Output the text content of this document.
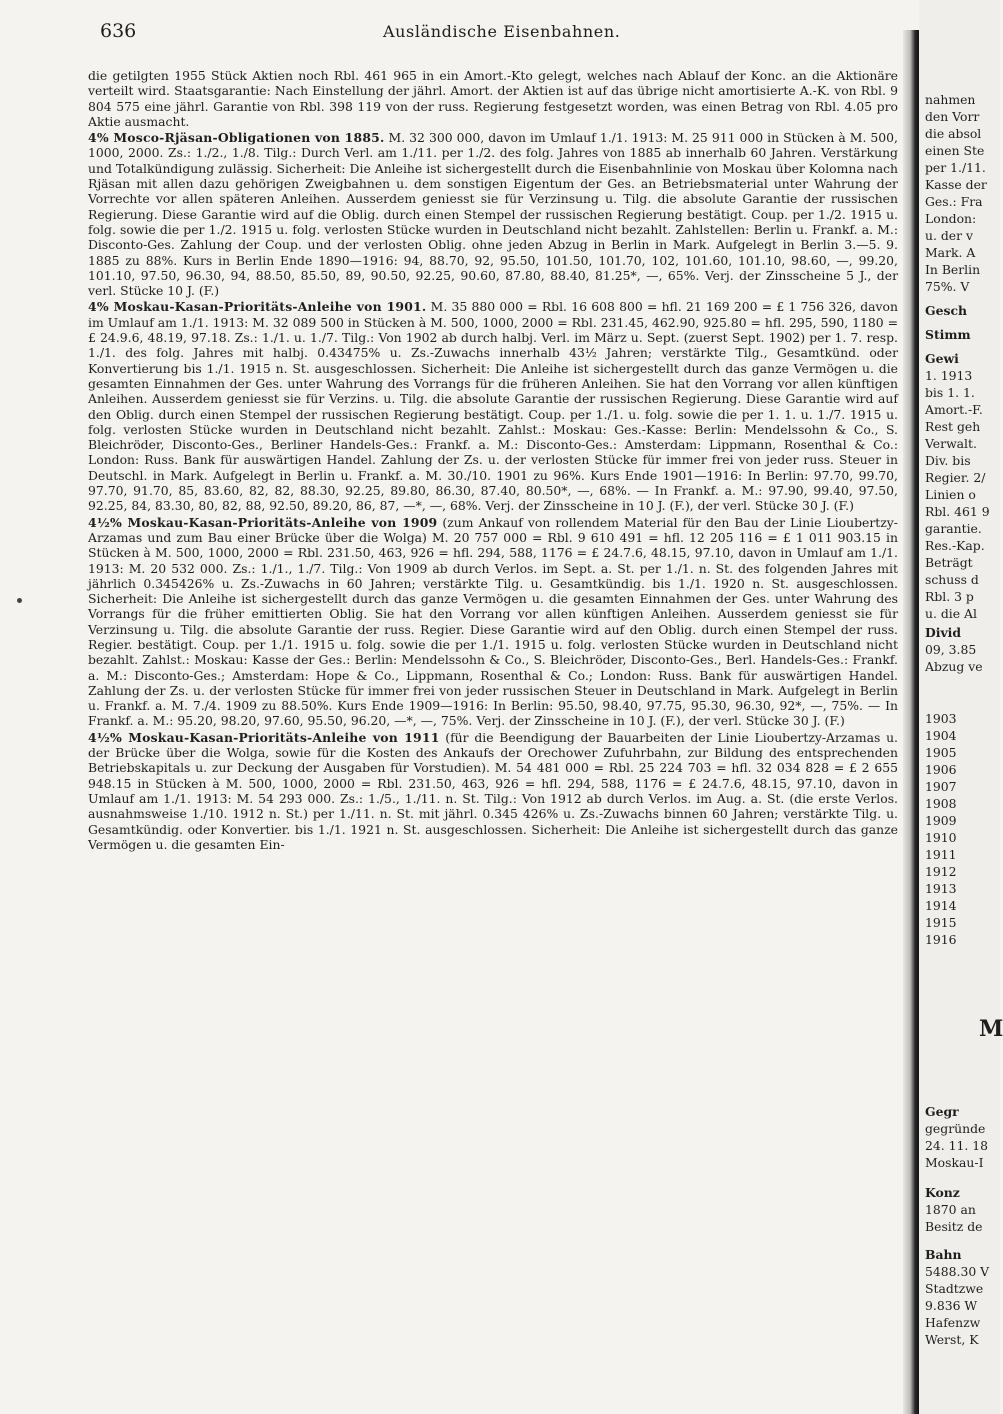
636	Ausländische Eisenbahnen.

die getilgten 1955 Stück Aktien noch Rbl. 461 965 in ein Amort.-Kto gelegt, welches nach Ablauf der Konc. an die Aktionäre verteilt wird. Staatsgarantie: Nach Einstellung der jährl. Amort. der Aktien ist auf das übrige nicht amortisierte A.-K. von Rbl. 9 804 575 eine jährl. Garantie von Rbl. 398 119 von der russ. Regierung festgesetzt worden, was einen Betrag von Rbl. 4.05 pro Aktie ausmacht.

4% Mosco-Rjäsan-Obligationen von 1885. M. 32 300 000, davon im Umlauf 1./1. 1913: M. 25 911 000 in Stücken à M. 500, 1000, 2000. Zs.: 1./2., 1./8. Tilg.: Durch Verl. am 1./11. per 1./2. des folg. Jahres von 1885 ab innerhalb 60 Jahren. Verstärkung und Totalkündigung zulässig. Sicherheit: Die Anleihe ist sichergestellt durch die Eisenbahnlinie von Moskau über Kolomna nach Rjäsan mit allen dazu gehörigen Zweigbahnen u. dem sonstigen Eigentum der Ges. an Betriebsmaterial unter Wahrung der Vorrechte vor allen späteren Anleihen. Ausserdem geniesst sie für Verzinsung u. Tilg. die absolute Garantie der russischen Regierung. Diese Garantie wird auf die Oblig. durch einen Stempel der russischen Regierung bestätigt. Coup. per 1./2. 1915 u. folg. sowie die per 1./2. 1915 u. folg. verlosten Stücke wurden in Deutschland nicht bezahlt. Zahlstellen: Berlin u. Frankf. a. M.: Disconto-Ges. Zahlung der Coup. und der verlosten Oblig. ohne jeden Abzug in Berlin in Mark. Aufgelegt in Berlin 3.—5. 9. 1885 zu 88%. Kurs in Berlin Ende 1890—1916: 94, 88.70, 92, 95.50, 101.50, 101.70, 102, 101.60, 101.10, 98.60, —, 99.20, 101.10, 97.50, 96.30, 94, 88.50, 85.50, 89, 90.50, 92.25, 90.60, 87.80, 88.40, 81.25*, —, 65%. Verj. der Zinsscheine 5 J., der verl. Stücke 10 J. (F.)

4% Moskau-Kasan-Prioritäts-Anleihe von 1901. M. 35 880 000 = Rbl. 16 608 800 = hfl. 21 169 200 = £ 1 756 326, davon im Umlauf am 1./1. 1913: M. 32 089 500 in Stücken à M. 500, 1000, 2000 = Rbl. 231.45, 462.90, 925.80 = hfl. 295, 590, 1180 = £ 24.9.6, 48.19, 97.18. Zs.: 1./1. u. 1./7. Tilg.: Von 1902 ab durch halbj. Verl. im März u. Sept. (zuerst Sept. 1902) per 1. 7. resp. 1./1. des folg. Jahres mit halbj. 0.43475% u. Zs.-Zuwachs innerhalb 43½ Jahren; verstärkte Tilg., Gesamtkünd. oder Konvertierung bis 1./1. 1915 n. St. ausgeschlossen. Sicherheit: Die Anleihe ist sichergestellt durch das ganze Vermögen u. die gesamten Einnahmen der Ges. unter Wahrung des Vorrangs für die früheren Anleihen. Sie hat den Vorrang vor allen künftigen Anleihen. Ausserdem geniesst sie für Verzins. u. Tilg. die absolute Garantie der russischen Regierung. Diese Garantie wird auf den Oblig. durch einen Stempel der russischen Regierung bestätigt. Coup. per 1./1. u. folg. sowie die per 1. 1. u. 1./7. 1915 u. folg. verlosten Stücke wurden in Deutschland nicht bezahlt. Zahlst.: Moskau: Ges.-Kasse: Berlin: Mendelssohn & Co., S. Bleichröder, Disconto-Ges., Berliner Handels-Ges.: Frankf. a. M.: Disconto-Ges.: Amsterdam: Lippmann, Rosenthal & Co.: London: Russ. Bank für auswärtigen Handel. Zahlung der Zs. u. der verlosten Stücke für immer frei von jeder russ. Steuer in Deutschl. in Mark. Aufgelegt in Berlin u. Frankf. a. M. 30./10. 1901 zu 96%. Kurs Ende 1901—1916: In Berlin: 97.70, 99.70, 97.70, 91.70, 85, 83.60, 82, 82, 88.30, 92.25, 89.80, 86.30, 87.40, 80.50*, —, 68%. — In Frankf. a. M.: 97.90, 99.40, 97.50, 92.25, 84, 83.30, 80, 82, 88, 92.50, 89.20, 86, 87, —*, —, 68%. Verj. der Zinsscheine in 10 J. (F.), der verl. Stücke 30 J. (F.)

4½% Moskau-Kasan-Prioritäts-Anleihe von 1909 (zum Ankauf von rollendem Material für den Bau der Linie Lioubertzy-Arzamas und zum Bau einer Brücke über die Wolga) M. 20 757 000 = Rbl. 9 610 491 = hfl. 12 205 116 = £ 1 011 903.15 in Stücken à M. 500, 1000, 2000 = Rbl. 231.50, 463, 926 = hfl. 294, 588, 1176 = £ 24.7.6, 48.15, 97.10, davon in Umlauf am 1./1. 1913: M. 20 532 000. Zs.: 1./1., 1./7. Tilg.: Von 1909 ab durch Verlos. im Sept. a. St. per 1./1. n. St. des folgenden Jahres mit jährlich 0.345426% u. Zs.-Zuwachs in 60 Jahren; verstärkte Tilg. u. Gesamtkündig. bis 1./1. 1920 n. St. ausgeschlossen. Sicherheit: Die Anleihe ist sichergestellt durch das ganze Vermögen u. die gesamten Einnahmen der Ges. unter Wahrung des Vorrangs für die früher emittierten Oblig. Sie hat den Vorrang vor allen künftigen Anleihen. Ausserdem geniesst sie für Verzinsung u. Tilg. die absolute Garantie der russ. Regier. Diese Garantie wird auf den Oblig. durch einen Stempel der russ. Regier. bestätigt. Coup. per 1./1. 1915 u. folg. sowie die per 1./1. 1915 u. folg. verlosten Stücke wurden in Deutschland nicht bezahlt. Zahlst.: Moskau: Kasse der Ges.: Berlin: Mendelssohn & Co., S. Bleichröder, Disconto-Ges., Berl. Handels-Ges.: Frankf. a. M.: Disconto-Ges.; Amsterdam: Hope & Co., Lippmann, Rosenthal & Co.; London: Russ. Bank für auswärtigen Handel. Zahlung der Zs. u. der verlosten Stücke für immer frei von jeder russischen Steuer in Deutschland in Mark. Aufgelegt in Berlin u. Frankf. a. M. 7./4. 1909 zu 88.50%. Kurs Ende 1909—1916: In Berlin: 95.50, 98.40, 97.75, 95.30, 96.30, 92*, —, 75%. — In Frankf. a. M.: 95.20, 98.20, 97.60, 95.50, 96.20, —*, —, 75%. Verj. der Zinsscheine in 10 J. (F.), der verl. Stücke 30 J. (F.)

4½% Moskau-Kasan-Prioritäts-Anleihe von 1911 (für die Beendigung der Bauarbeiten der Linie Lioubertzy-Arzamas u. der Brücke über die Wolga, sowie für die Kosten des Ankaufs der Orechower Zufuhrbahn, zur Bildung des entsprechenden Betriebskapitals u. zur Deckung der Ausgaben für Vorstudien). M. 54 481 000 = Rbl. 25 224 703 = hfl. 32 034 828 = £ 2 655 948.15 in Stücken à M. 500, 1000, 2000 = Rbl. 231.50, 463, 926 = hfl. 294, 588, 1176 = £ 24.7.6, 48.15, 97.10, davon in Umlauf am 1./1. 1913: M. 54 293 000. Zs.: 1./5., 1./11. n. St. Tilg.: Von 1912 ab durch Verlos. im Aug. a. St. (die erste Verlos. ausnahmsweise 1./10. 1912 n. St.) per 1./11. n. St. mit jährl. 0.345 426% u. Zs.-Zuwachs binnen 60 Jahren; verstärkte Tilg. u. Gesamtkündig. oder Konvertier. bis 1./1. 1921 n. St. ausgeschlossen. Sicherheit: Die Anleihe ist sichergestellt durch das ganze Vermögen u. die gesamten Ein-

nahmen
den Vorr
die absol
einen Ste
per 1./11.
Kasse der
Ges.: Fra
London:
u. der v
Mark. A
In Berlin
75%. V
Gesch
Stimm
Gewi
1. 1913
bis 1. 1.
Amort.-F.
Rest geh
Verwalt.
Div. bis
Regier. 2/
Linien o
Rbl. 461 9
garantie.
Res.-Kap.
Beträgt
schuss d
Rbl. 3 p
u. die Al
Divid
09, 3.85
Abzug ve
1903
1904
1905
1906
1907
1908
1909
1910
1911
1912
1913
1914
1915
1916
M
Gegr
gegründe
24. 11. 18
Moskau-I
Konz
1870 an
Besitz de
Bahn
5488.30 V
Stadtzwe
9.836 W
Hafenzw
Werst, K
